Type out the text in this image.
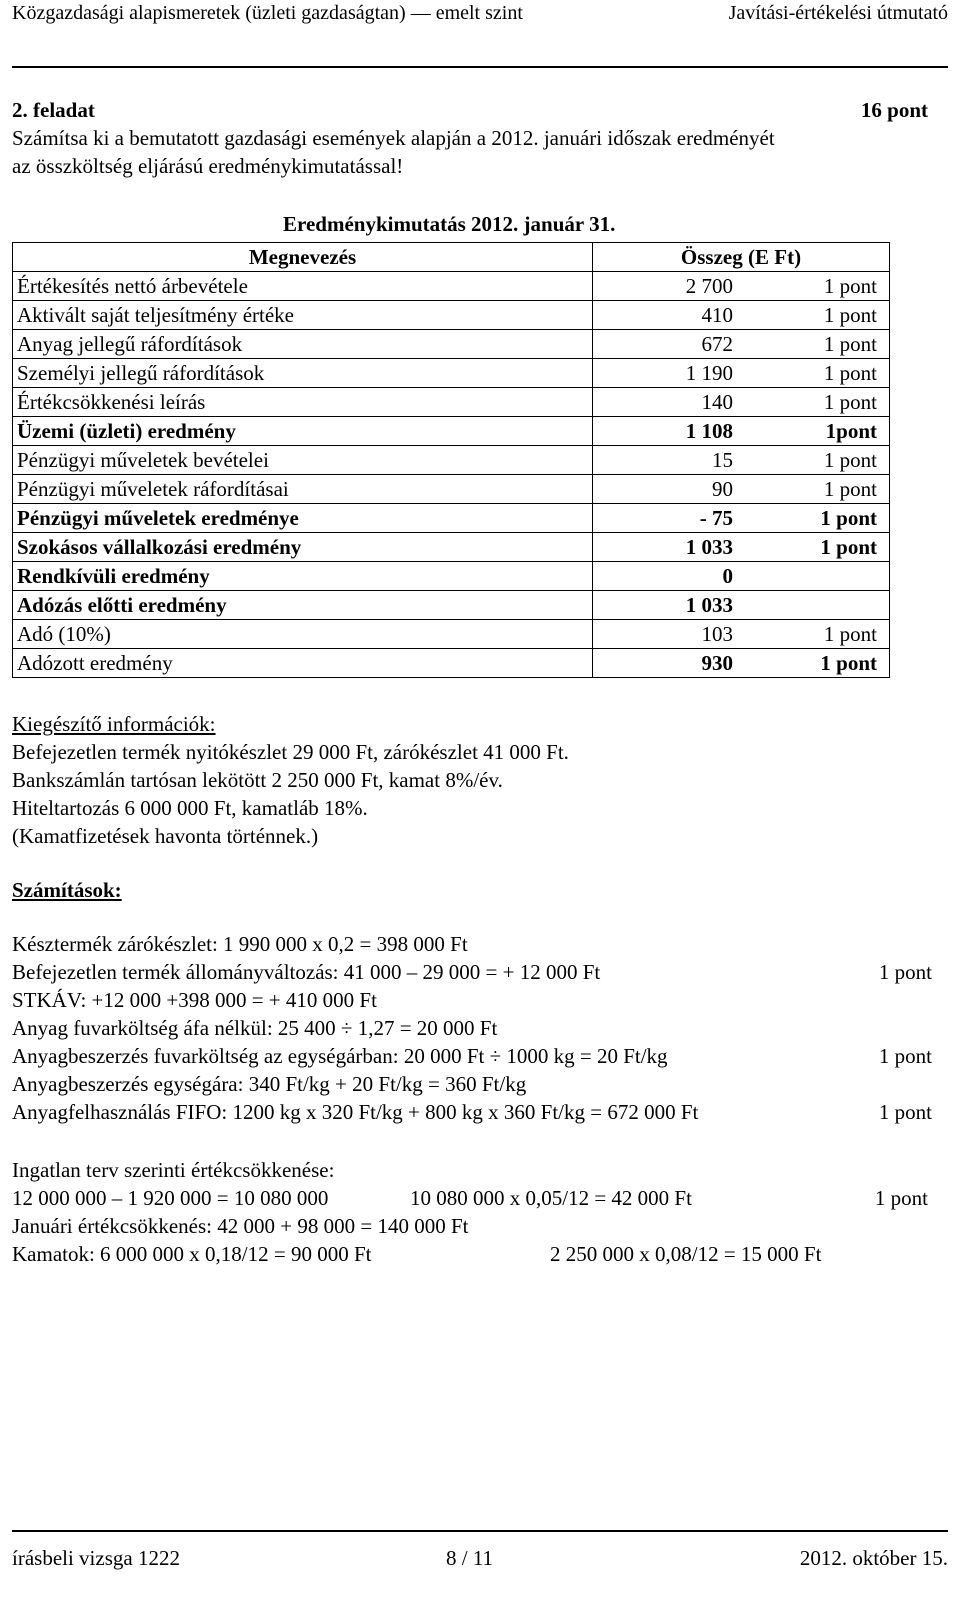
Közgazdasági alapismeretek (üzleti gazdaságtan) — emelt szint	Javítási-értékelési útmutató
2. feladat	16 pont
Számítsa ki a bemutatott gazdasági események alapján a 2012. januári időszak eredményét
az összköltség eljárású eredménykimutatással!
Eredménykimutatás 2012. január 31.
Megnevezés	Összeg (E Ft)	
Értékesítés nettó árbevétele	2 700	1 pont
Aktivált saját teljesítmény értéke	410	1 pont
Anyag jellegű ráfordítások	672	1 pont
Személyi jellegű ráfordítások	1 190	1 pont
Értékcsökkenési leírás	140	1 pont
Üzemi (üzleti) eredmény	1 108	1pont
Pénzügyi műveletek bevételei	15	1 pont
Pénzügyi műveletek ráfordításai	90	1 pont
Pénzügyi műveletek eredménye	- 75	1 pont
Szokásos vállalkozási eredmény	1 033	1 pont
Rendkívüli eredmény	0	
Adózás előtti eredmény	1 033	
Adó (10%)	103	1 pont
Adózott eredmény	930	1 pont
Kiegészítő információk:
Befejezetlen termék nyitókészlet 29 000 Ft, zárókészlet 41 000 Ft.
Bankszámlán tartósan lekötött 2 250 000 Ft, kamat 8%/év.
Hiteltartozás 6 000 000 Ft, kamatláb 18%.
(Kamatfizetések havonta történnek.)
Számítások:
Késztermék zárókészlet: 1 990 000 x 0,2 = 398 000 Ft
Befejezetlen termék állományváltozás: 41 000 – 29 000 = + 12 000 Ft	1 pont
STKÁV: +12 000 +398 000 = + 410 000 Ft
Anyag fuvarköltség áfa nélkül: 25 400 ÷ 1,27 = 20 000 Ft
Anyagbeszerzés fuvarköltség az egységárban: 20 000 Ft ÷ 1000 kg = 20 Ft/kg	1 pont
Anyagbeszerzés egységára: 340 Ft/kg + 20 Ft/kg = 360 Ft/kg
Anyagfelhasználás FIFO: 1200 kg x 320 Ft/kg + 800 kg x 360 Ft/kg = 672 000 Ft	1 pont
Ingatlan terv szerinti értékcsökkenése:
12 000 000 – 1 920 000 = 10 080 000	10 080 000 x 0,05/12 = 42 000 Ft	1 pont
Januári értékcsökkenés: 42 000 + 98 000 = 140 000 Ft
Kamatok: 6 000 000 x 0,18/12 = 90 000 Ft	2 250 000 x 0,08/12 = 15 000 Ft
írásbeli vizsga 1222	8 / 11	2012. október 15.
